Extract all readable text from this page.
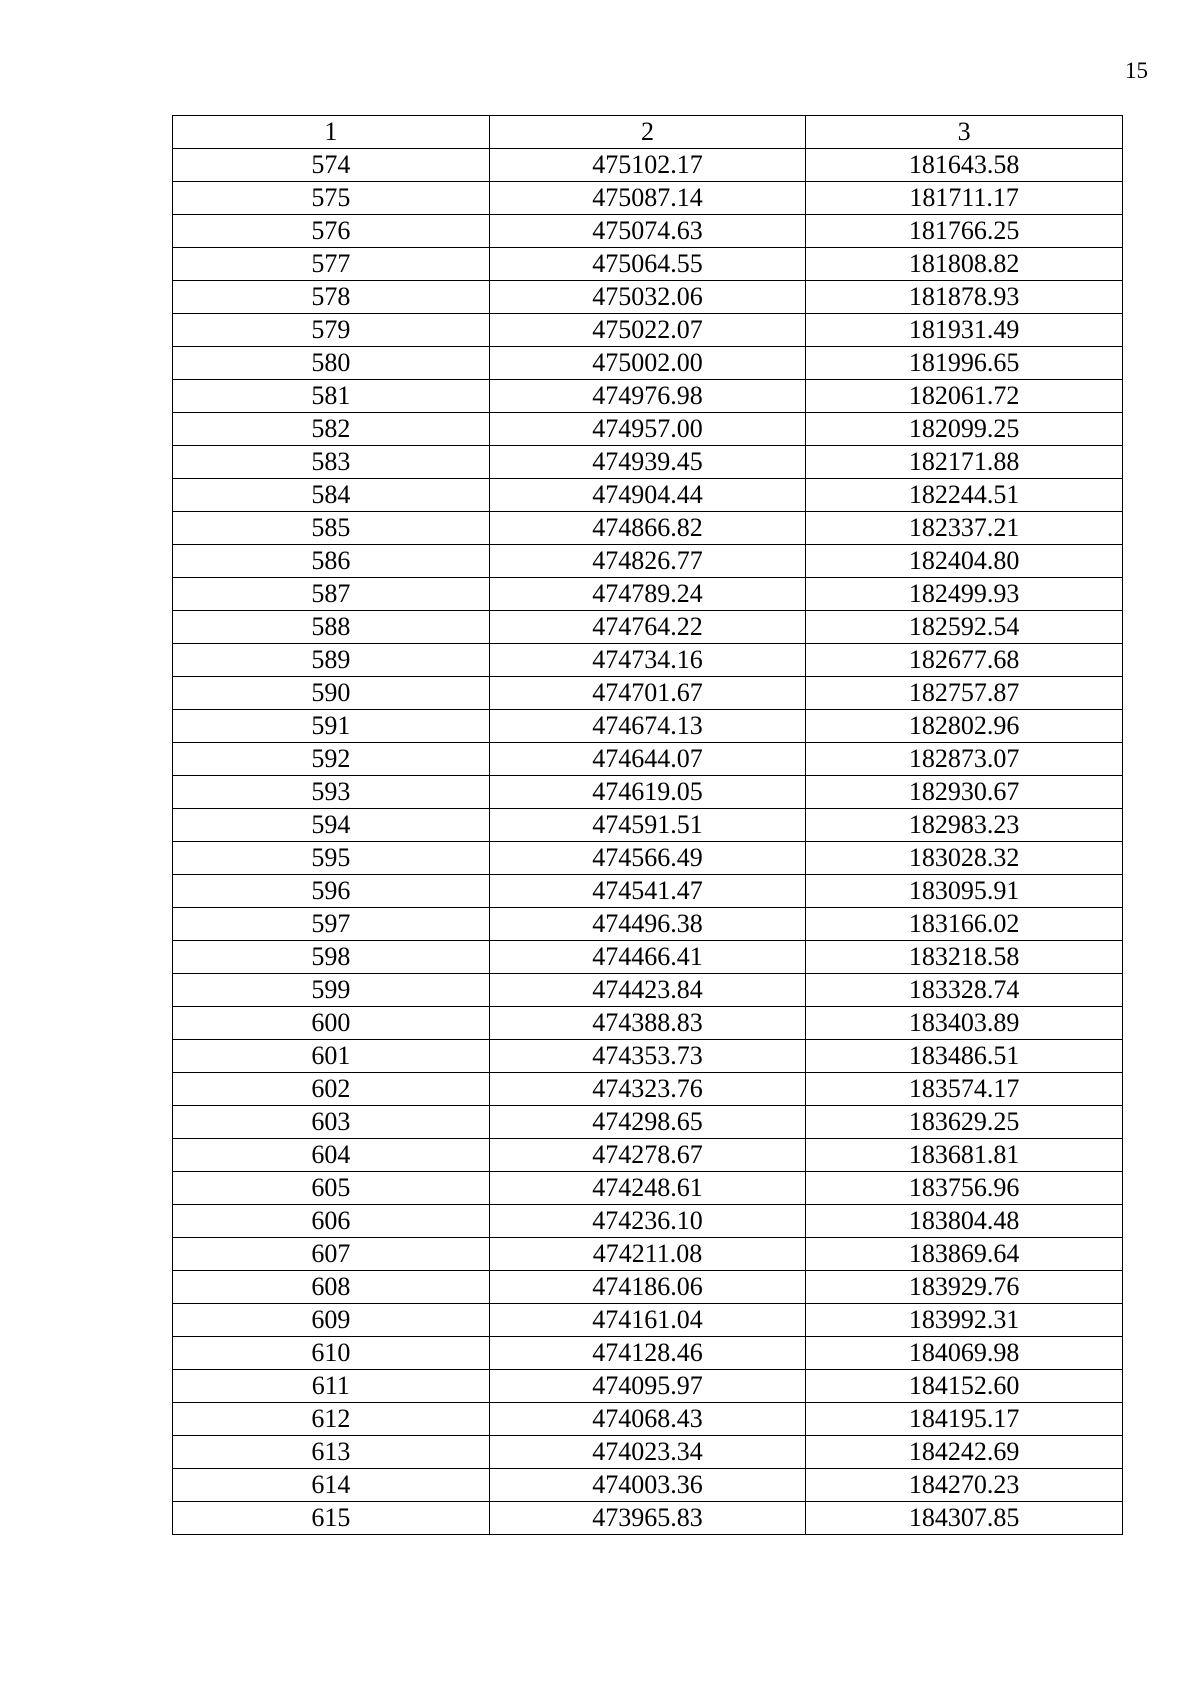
15
1	2	3
574	475102.17	181643.58
575	475087.14	181711.17
576	475074.63	181766.25
577	475064.55	181808.82
578	475032.06	181878.93
579	475022.07	181931.49
580	475002.00	181996.65
581	474976.98	182061.72
582	474957.00	182099.25
583	474939.45	182171.88
584	474904.44	182244.51
585	474866.82	182337.21
586	474826.77	182404.80
587	474789.24	182499.93
588	474764.22	182592.54
589	474734.16	182677.68
590	474701.67	182757.87
591	474674.13	182802.96
592	474644.07	182873.07
593	474619.05	182930.67
594	474591.51	182983.23
595	474566.49	183028.32
596	474541.47	183095.91
597	474496.38	183166.02
598	474466.41	183218.58
599	474423.84	183328.74
600	474388.83	183403.89
601	474353.73	183486.51
602	474323.76	183574.17
603	474298.65	183629.25
604	474278.67	183681.81
605	474248.61	183756.96
606	474236.10	183804.48
607	474211.08	183869.64
608	474186.06	183929.76
609	474161.04	183992.31
610	474128.46	184069.98
611	474095.97	184152.60
612	474068.43	184195.17
613	474023.34	184242.69
614	474003.36	184270.23
615	473965.83	184307.85
